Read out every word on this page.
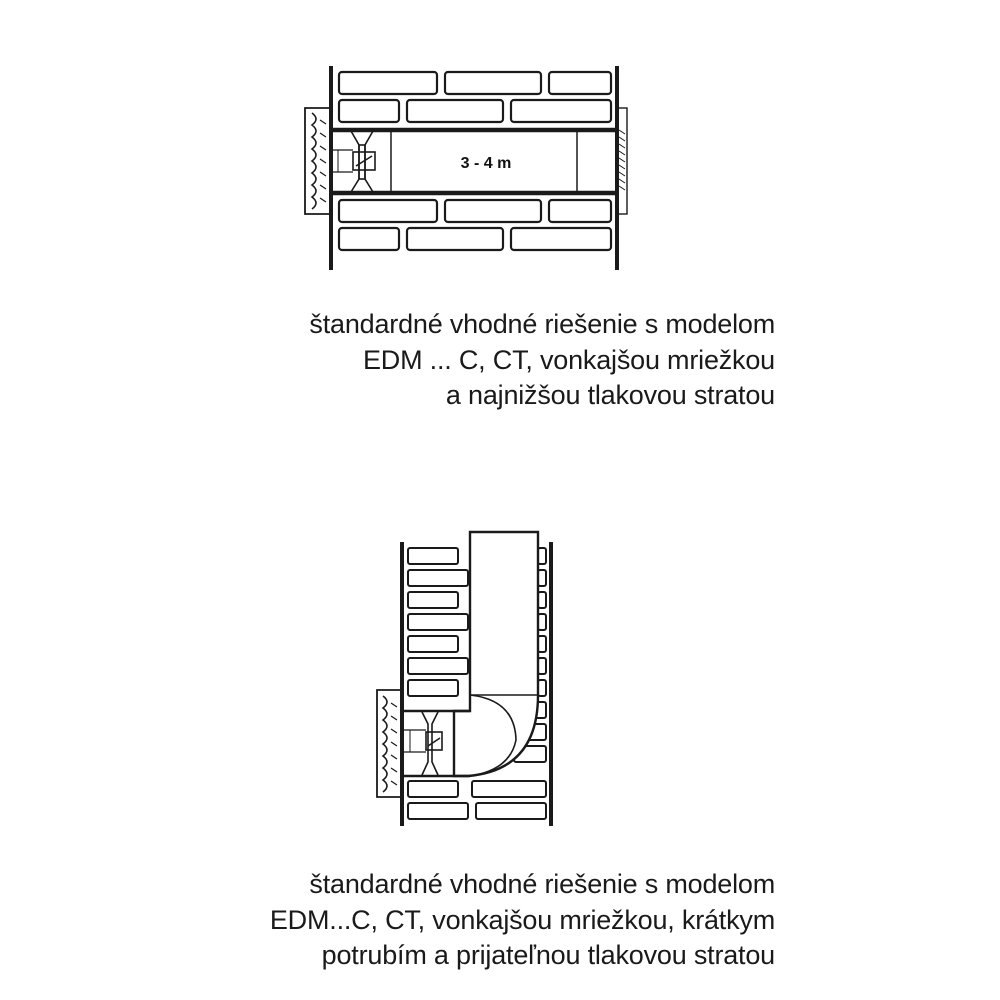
3 - 4 m
štandardné vhodné riešenie s modelom
EDM ... C, CT, vonkajšou mriežkou
a najnižšou tlakovou stratou
štandardné vhodné riešenie s modelom
EDM...C, CT, vonkajšou mriežkou, krátkym
potrubím a prijateľnou tlakovou stratou
